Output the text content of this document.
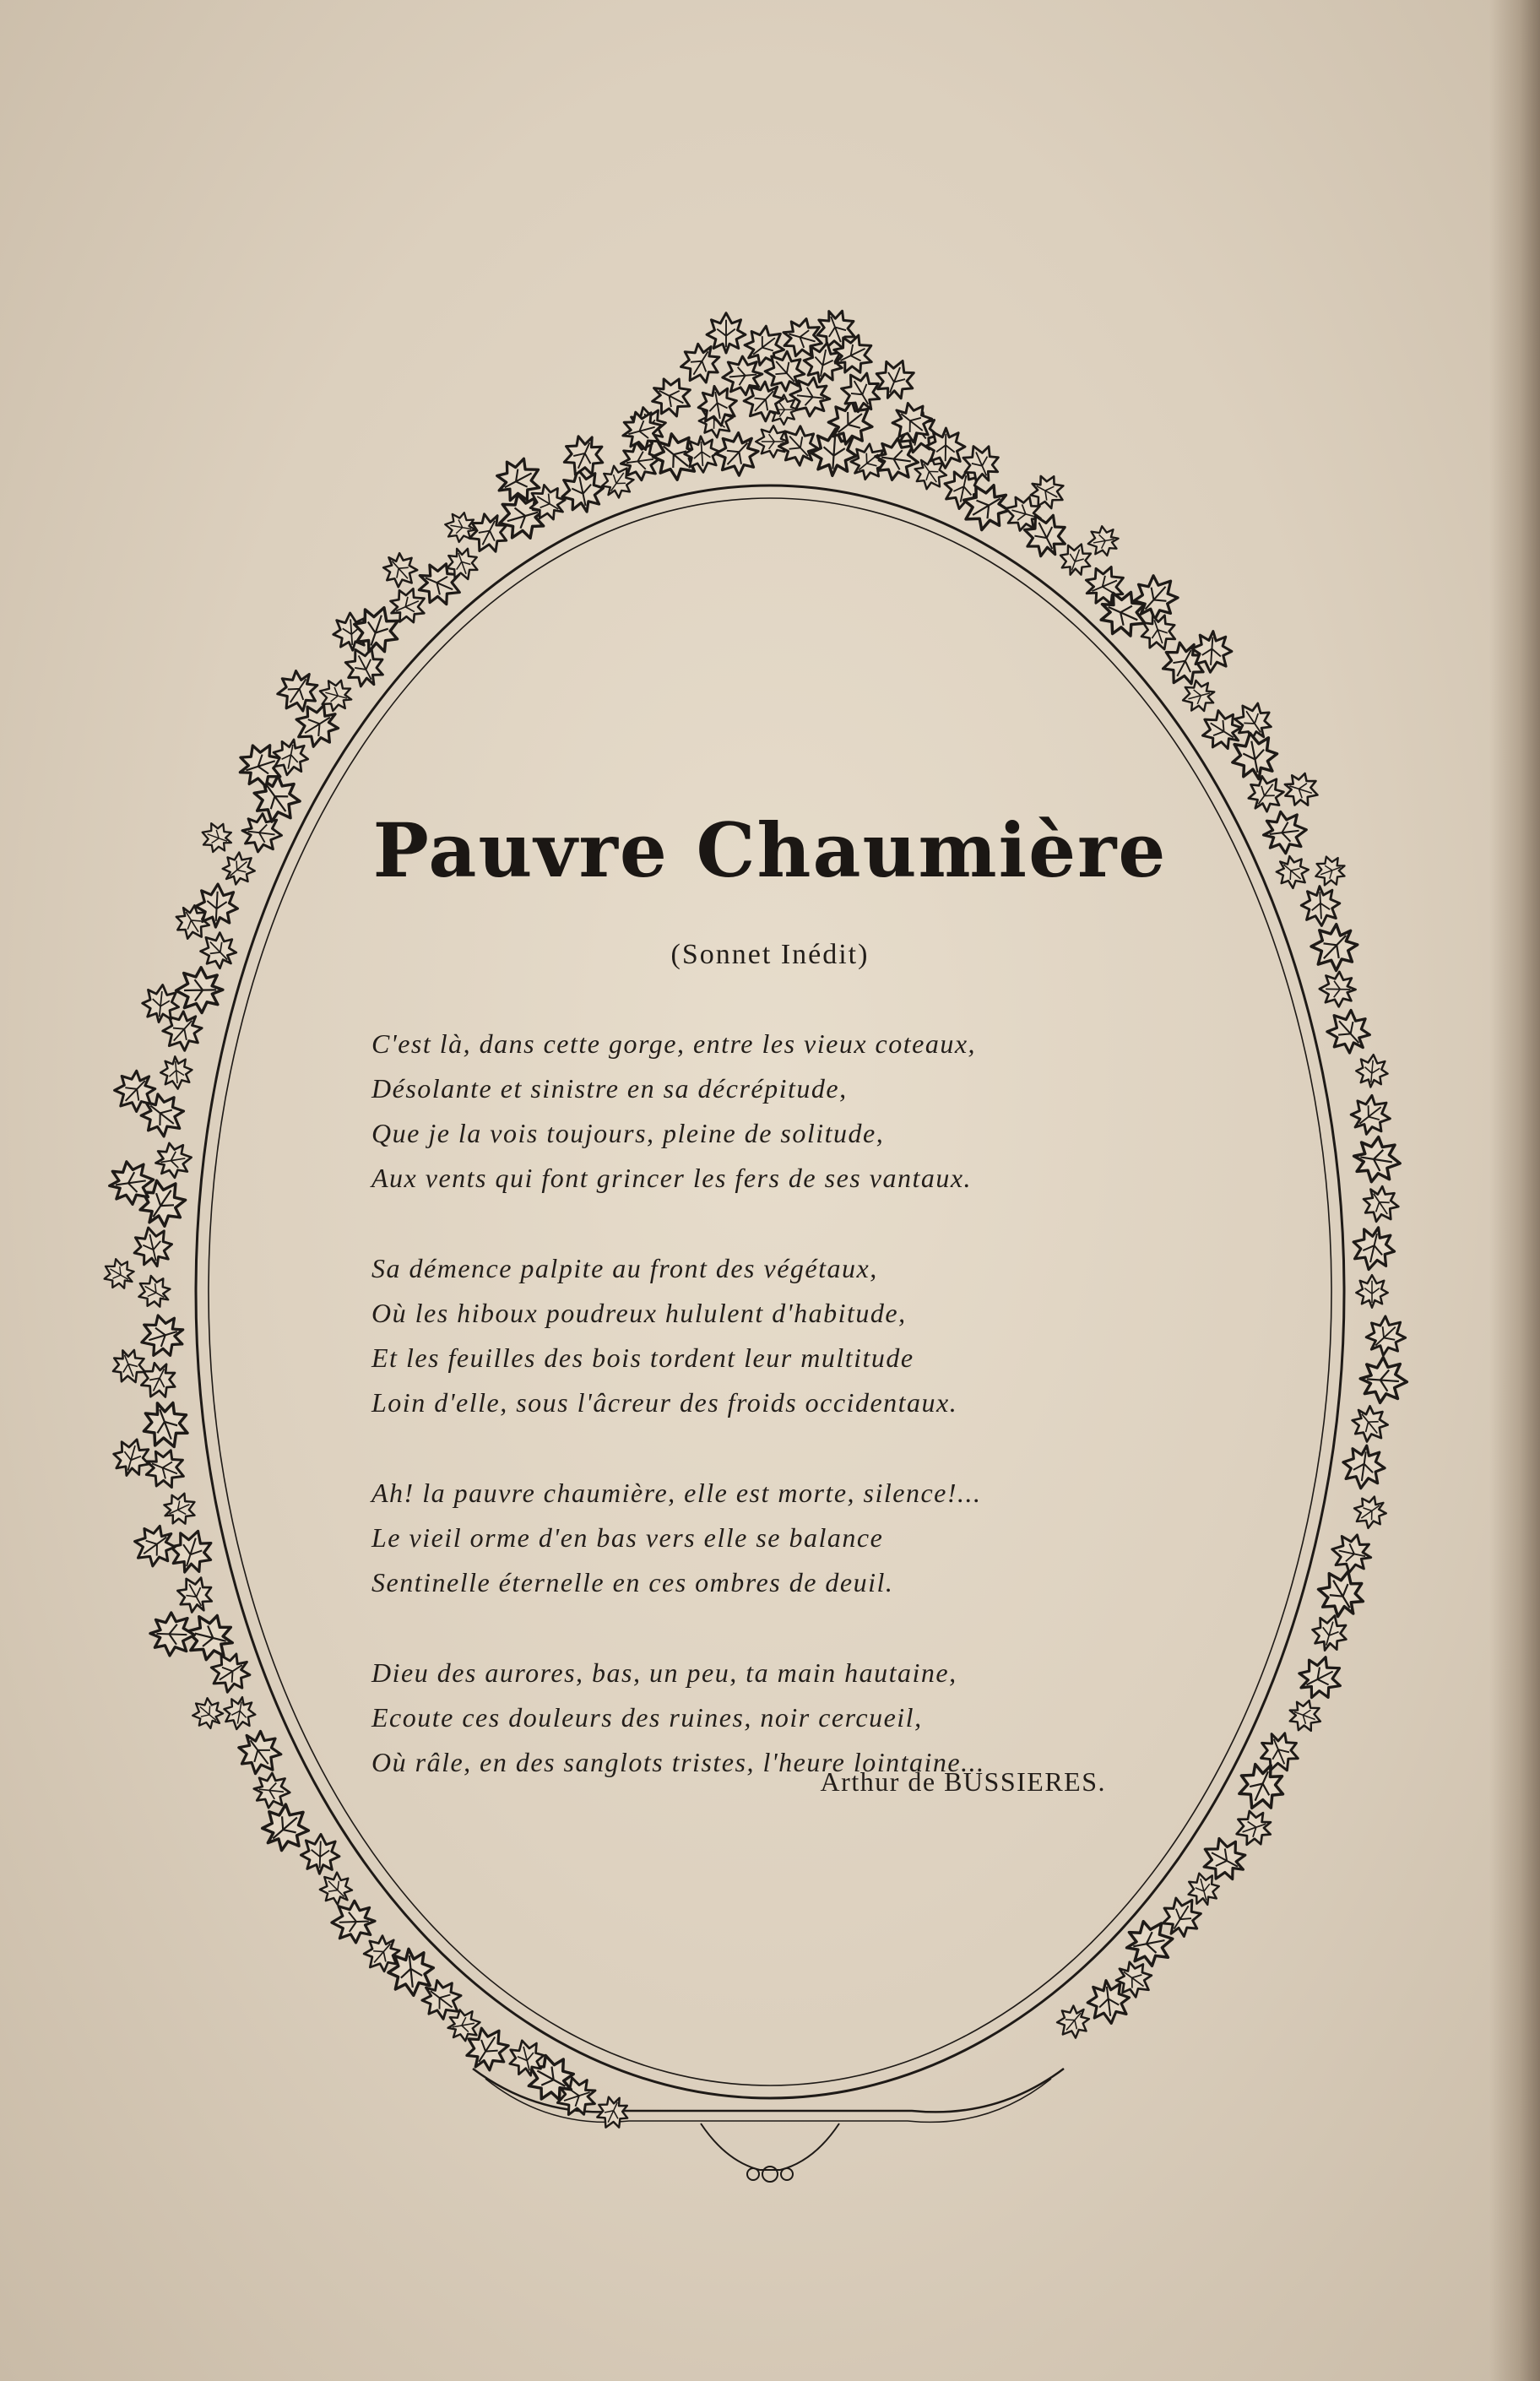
Pauvre Chaumière
(Sonnet Inédit)
C'est là, dans cette gorge, entre les vieux coteaux,
Désolante et sinistre en sa décrépitude,
Que je la vois toujours, pleine de solitude,
Aux vents qui font grincer les fers de ses vantaux.
Sa démence palpite au front des végétaux,
Où les hiboux poudreux hululent d'habitude,
Et les feuilles des bois tordent leur multitude
Loin d'elle, sous l'âcreur des froids occidentaux.
Ah! la pauvre chaumière, elle est morte, silence!...
Le vieil orme d'en bas vers elle se balance
Sentinelle éternelle en ces ombres de deuil.
Dieu des aurores, bas, un peu, ta main hautaine,
Ecoute ces douleurs des ruines, noir cercueil,
Où râle, en des sanglots tristes, l'heure lointaine...
Arthur de BUSSIERES.
